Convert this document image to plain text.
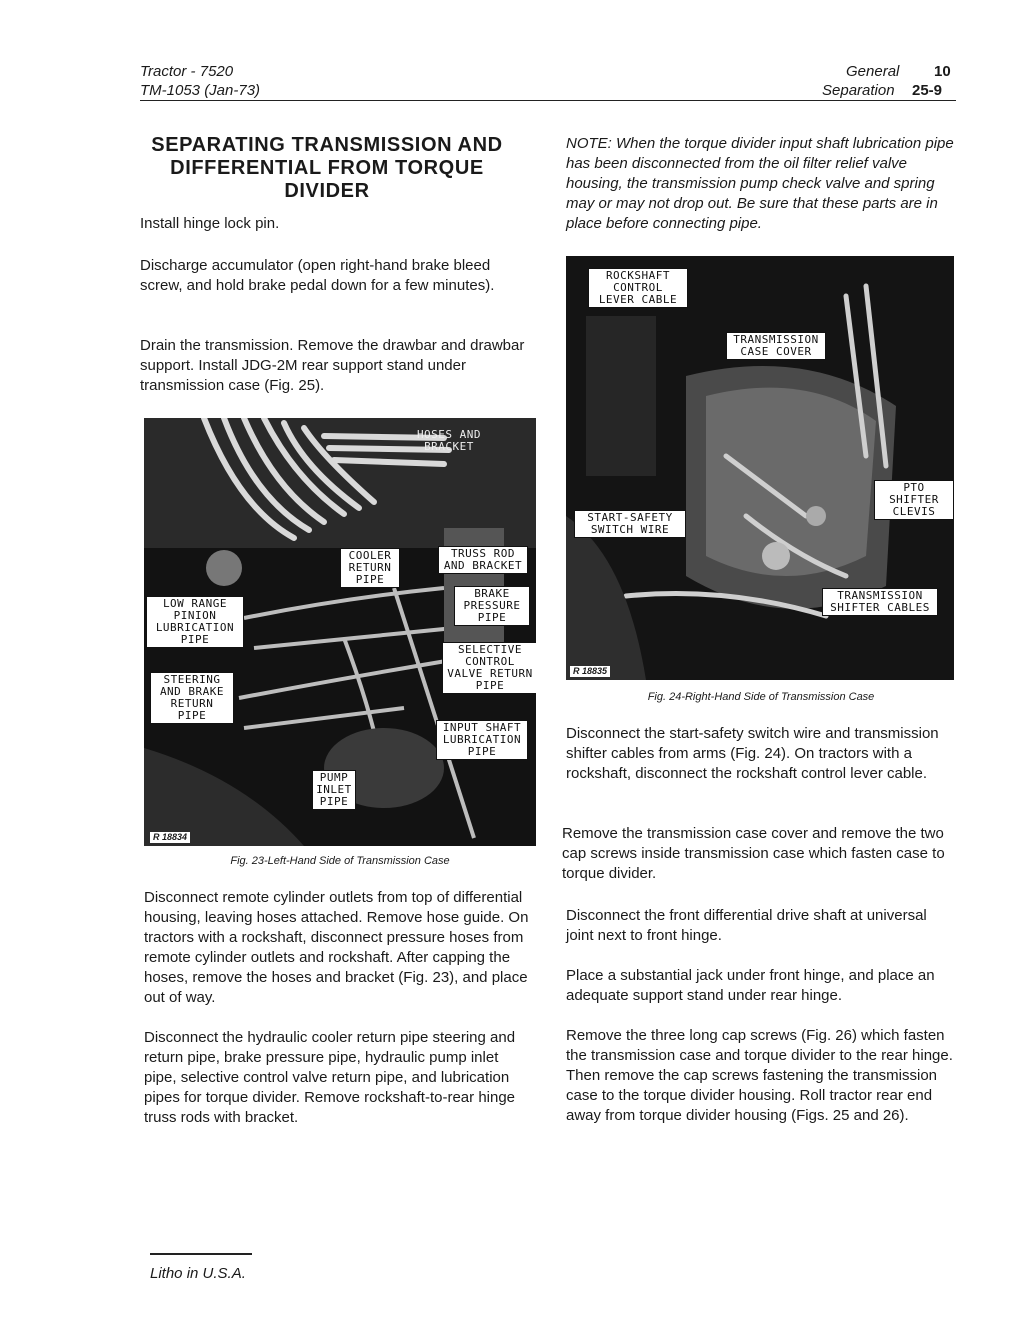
Tractor - 7520
TM-1053 (Jan-73)
General 10
Separation 25-9
SEPARATING TRANSMISSION AND
DIFFERENTIAL FROM TORQUE
DIVIDER

Install hinge lock pin.

Discharge accumulator (open right-hand brake bleed screw, and hold brake pedal down for a few minutes).

Drain the transmission. Remove the drawbar and drawbar support. Install JDG-2M rear support stand under transmission case (Fig. 25).

HOSES AND BRACKET
COOLER RETURN PIPE
TRUSS ROD AND BRACKET
LOW RANGE PINION LUBRICATION PIPE
BRAKE PRESSURE PIPE
SELECTIVE CONTROL VALVE RETURN PIPE
STEERING AND BRAKE RETURN PIPE
INPUT SHAFT LUBRICATION PIPE
PUMP INLET PIPE
R 18834
Fig. 23-Left-Hand Side of Transmission Case

Disconnect remote cylinder outlets from top of differential housing, leaving hoses attached. Remove hose guide. On tractors with a rockshaft, disconnect pressure hoses from remote cylinder outlets and rockshaft. After capping the hoses, remove the hoses and bracket (Fig. 23), and place out of way.

Disconnect the hydraulic cooler return pipe steering and return pipe, brake pressure pipe, hydraulic pump inlet pipe, selective control valve return pipe, and lubrication pipes for torque divider. Remove rockshaft-to-rear hinge truss rods with bracket.

NOTE: When the torque divider input shaft lubrication pipe has been disconnected from the oil filter relief valve housing, the transmission pump check valve and spring may or may not drop out. Be sure that these parts are in place before connecting pipe.

ROCKSHAFT CONTROL LEVER CABLE
TRANSMISSION CASE COVER
PTO SHIFTER CLEVIS
START-SAFETY SWITCH WIRE
TRANSMISSION SHIFTER CABLES
R 18835
Fig. 24-Right-Hand Side of Transmission Case

Disconnect the start-safety switch wire and transmission shifter cables from arms (Fig. 24). On tractors with a rockshaft, disconnect the rockshaft control lever cable.

Remove the transmission case cover and remove the two cap screws inside transmission case which fasten case to torque divider.

Disconnect the front differential drive shaft at universal joint next to front hinge.

Place a substantial jack under front hinge, and place an adequate support stand under rear hinge.

Remove the three long cap screws (Fig. 26) which fasten the transmission case and torque divider to the rear hinge. Then remove the cap screws fastening the transmission case to the torque divider housing. Roll tractor rear end away from torque divider housing (Figs. 25 and 26).

Litho in U.S.A.
